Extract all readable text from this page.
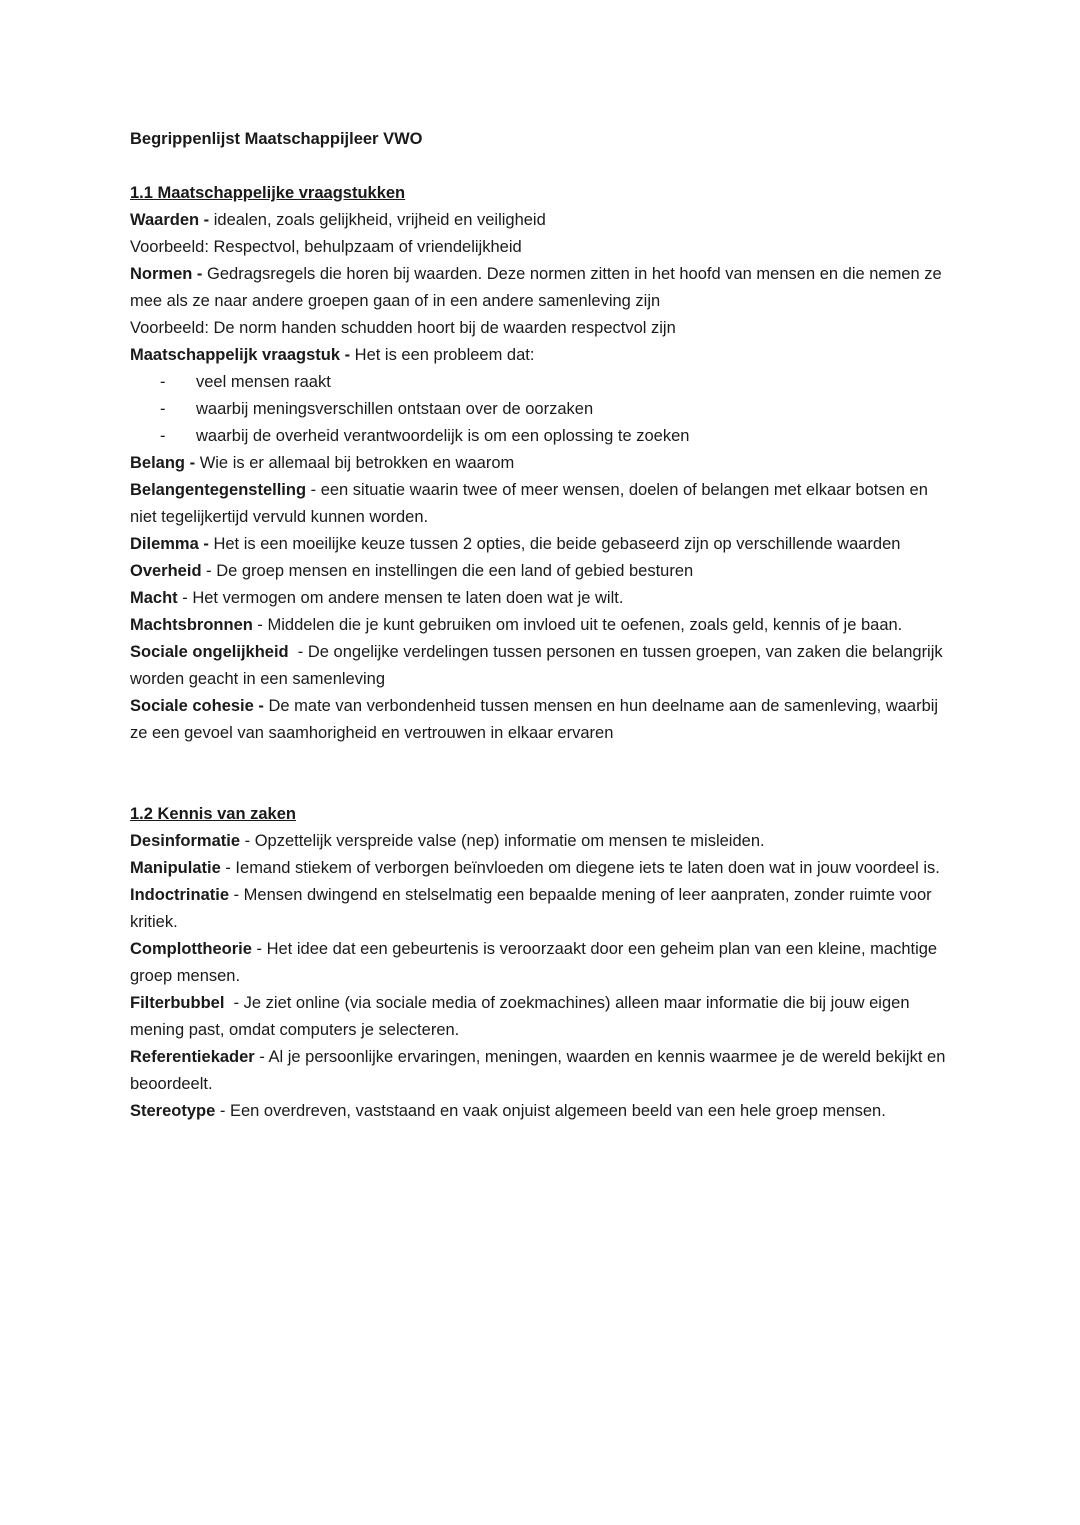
Begrippenlijst Maatschappijleer VWO
1.1 Maatschappelijke vraagstukken
Waarden - idealen, zoals gelijkheid, vrijheid en veiligheid
Voorbeeld: Respectvol, behulpzaam of vriendelijkheid
Normen - Gedragsregels die horen bij waarden. Deze normen zitten in het hoofd van mensen en die nemen ze mee als ze naar andere groepen gaan of in een andere samenleving zijn
Voorbeeld: De norm handen schudden hoort bij de waarden respectvol zijn
Maatschappelijk vraagstuk - Het is een probleem dat:
-	veel mensen raakt
-	waarbij meningsverschillen ontstaan over de oorzaken
-	waarbij de overheid verantwoordelijk is om een oplossing te zoeken
Belang - Wie is er allemaal bij betrokken en waarom
Belangentegenstelling - een situatie waarin twee of meer wensen, doelen of belangen met elkaar botsen en niet tegelijkertijd vervuld kunnen worden.
Dilemma - Het is een moeilijke keuze tussen 2 opties, die beide gebaseerd zijn op verschillende waarden
Overheid - De groep mensen en instellingen die een land of gebied besturen
Macht - Het vermogen om andere mensen te laten doen wat je wilt.
Machtsbronnen - Middelen die je kunt gebruiken om invloed uit te oefenen, zoals geld, kennis of je baan.
Sociale ongelijkheid  - De ongelijke verdelingen tussen personen en tussen groepen, van zaken die belangrijk worden geacht in een samenleving
Sociale cohesie - De mate van verbondenheid tussen mensen en hun deelname aan de samenleving, waarbij ze een gevoel van saamhorigheid en vertrouwen in elkaar ervaren
1.2 Kennis van zaken
Desinformatie - Opzettelijk verspreide valse (nep) informatie om mensen te misleiden.
Manipulatie - Iemand stiekem of verborgen beïnvloeden om diegene iets te laten doen wat in jouw voordeel is.
Indoctrinatie - Mensen dwingend en stelselmatig een bepaalde mening of leer aanpraten, zonder ruimte voor kritiek.
Complottheorie - Het idee dat een gebeurtenis is veroorzaakt door een geheim plan van een kleine, machtige groep mensen.
Filterbubbel  - Je ziet online (via sociale media of zoekmachines) alleen maar informatie die bij jouw eigen mening past, omdat computers je selecteren.
Referentiekader - Al je persoonlijke ervaringen, meningen, waarden en kennis waarmee je de wereld bekijkt en beoordeelt.
Stereotype - Een overdreven, vaststaand en vaak onjuist algemeen beeld van een hele groep mensen.
